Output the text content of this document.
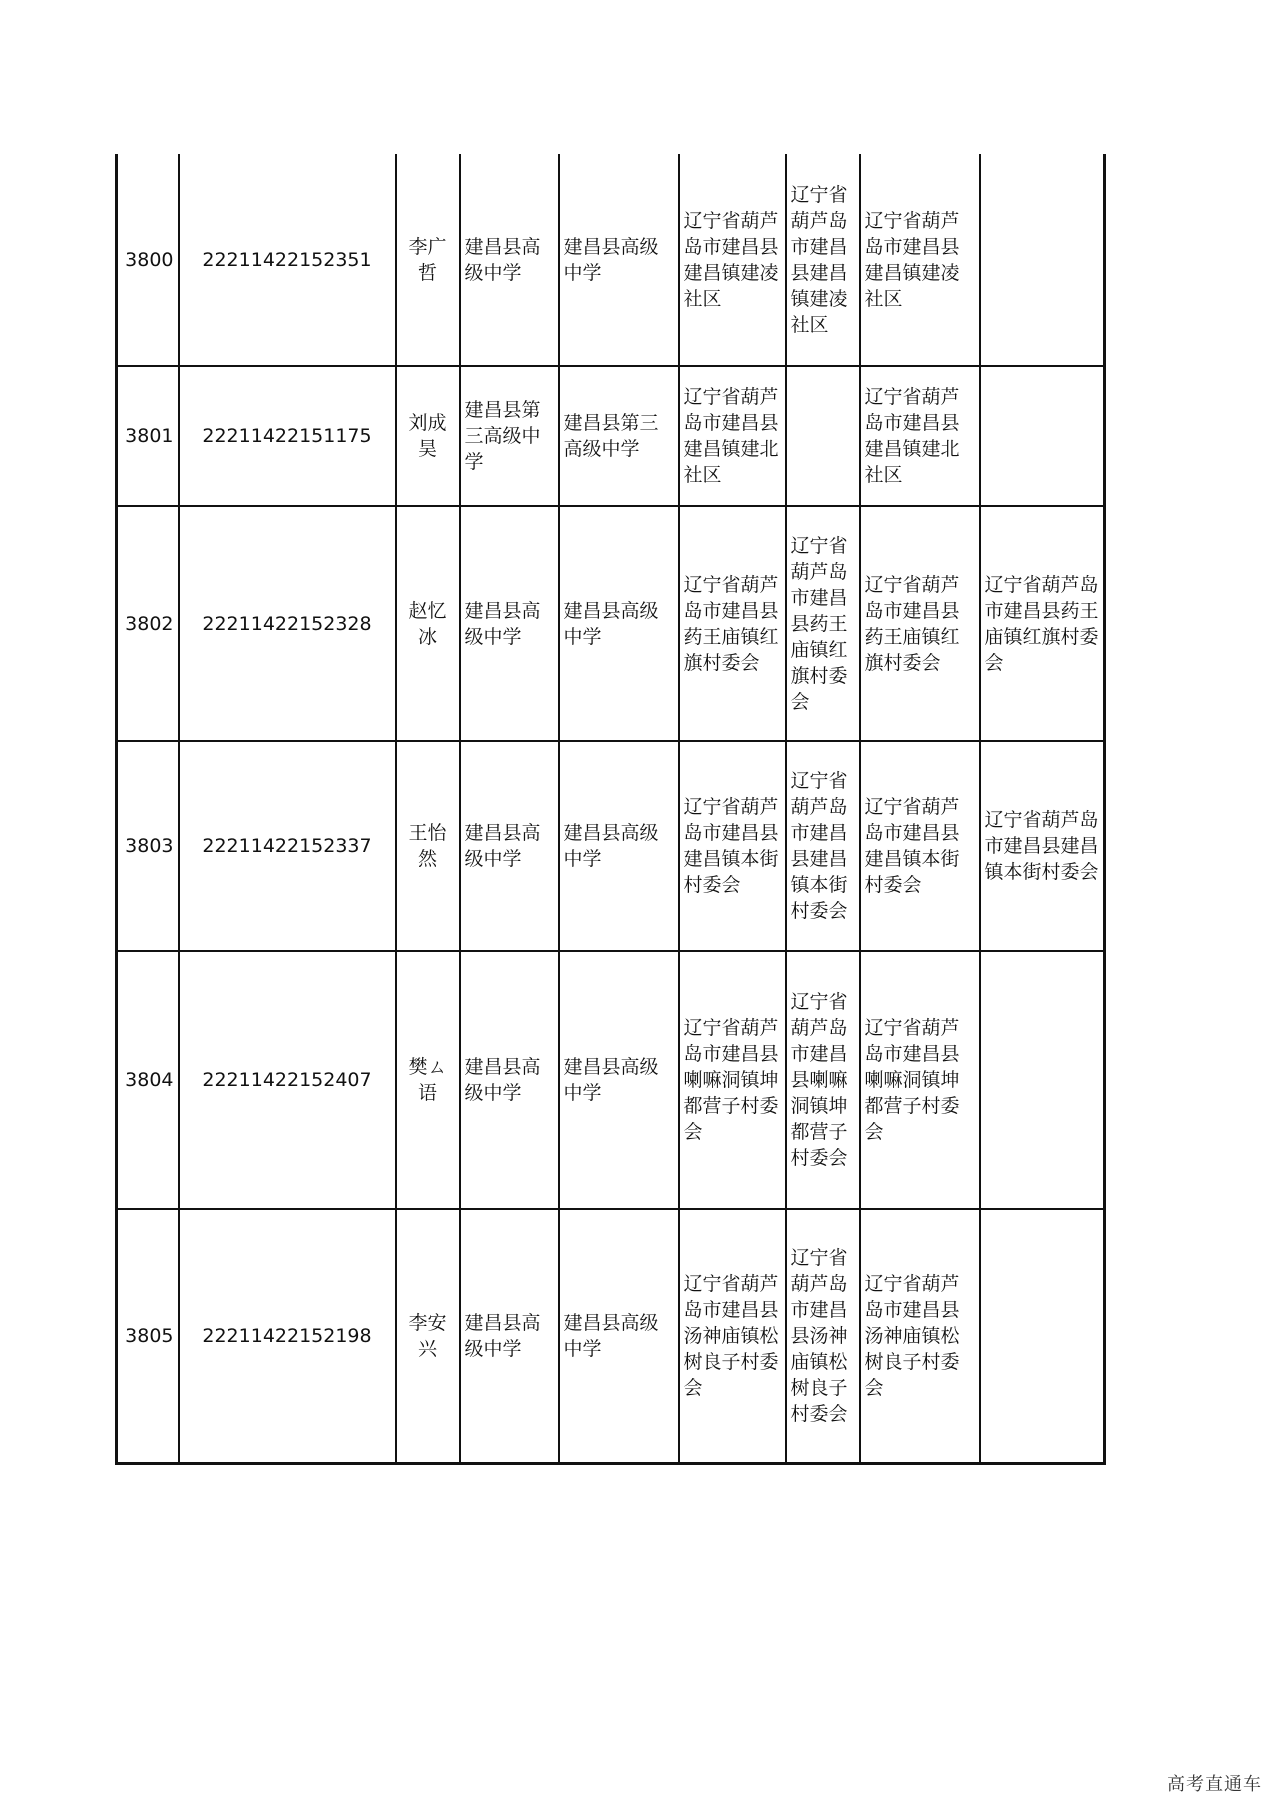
3800	22211422152351	李广哲	建昌县高级中学	建昌县高级中学	辽宁省葫芦岛市建昌县建昌镇建凌社区	辽宁省葫芦岛市建昌县建昌镇建凌社区	辽宁省葫芦岛市建昌县建昌镇建凌社区	
3801	22211422151175	刘成昊	建昌县第三高级中学	建昌县第三高级中学	辽宁省葫芦岛市建昌县建昌镇建北社区		辽宁省葫芦岛市建昌县建昌镇建北社区	
3802	22211422152328	赵忆冰	建昌县高级中学	建昌县高级中学	辽宁省葫芦岛市建昌县药王庙镇红旗村委会	辽宁省葫芦岛市建昌县药王庙镇红旗村委会	辽宁省葫芦岛市建昌县药王庙镇红旗村委会	辽宁省葫芦岛市建昌县药王庙镇红旗村委会
3803	22211422152337	王怡然	建昌县高级中学	建昌县高级中学	辽宁省葫芦岛市建昌县建昌镇本街村委会	辽宁省葫芦岛市建昌县建昌镇本街村委会	辽宁省葫芦岛市建昌县建昌镇本街村委会	辽宁省葫芦岛市建昌县建昌镇本街村委会
3804	22211422152407	樊ㄙ语	建昌县高级中学	建昌县高级中学	辽宁省葫芦岛市建昌县喇嘛洞镇坤都营子村委会	辽宁省葫芦岛市建昌县喇嘛洞镇坤都营子村委会	辽宁省葫芦岛市建昌县喇嘛洞镇坤都营子村委会	
3805	22211422152198	李安兴	建昌县高级中学	建昌县高级中学	辽宁省葫芦岛市建昌县汤神庙镇松树良子村委会	辽宁省葫芦岛市建昌县汤神庙镇松树良子村委会	辽宁省葫芦岛市建昌县汤神庙镇松树良子村委会	
高考直通车
